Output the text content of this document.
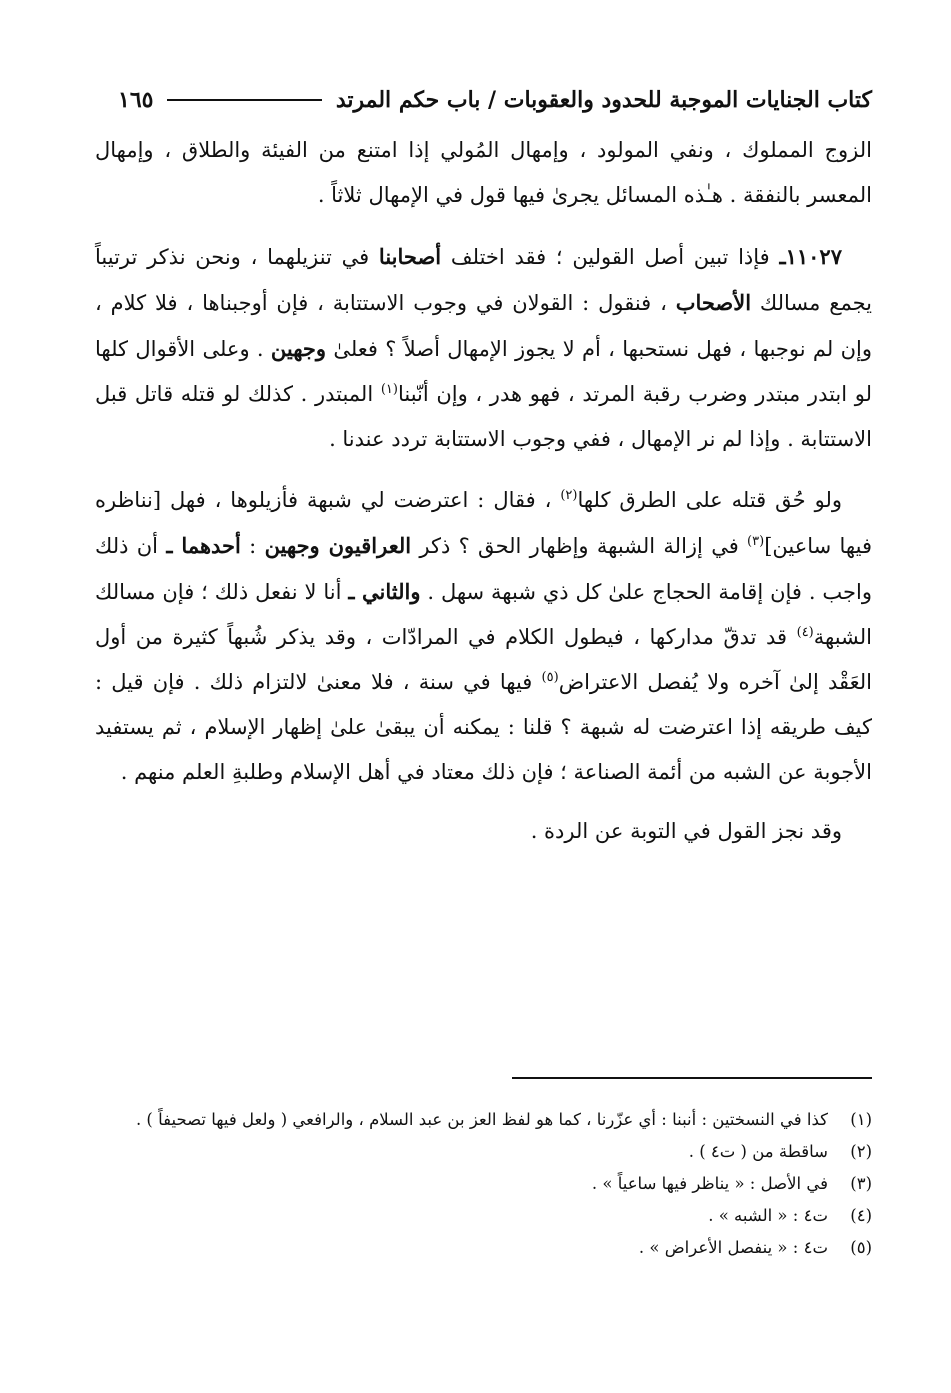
كتاب الجنايات الموجبة للحدود والعقوبات / باب حكم المرتد
١٦٥

الزوج المملوك ، ونفي المولود ، وإمهال المُولي إذا امتنع من الفيئة والطلاق ، وإمهال المعسر بالنفقة . هـٰذه المسائل يجرىٰ فيها قول في الإمهال ثلاثاً .

١١٠٢٧ـ فإذا تبين أصل القولين ؛ فقد اختلف أصحابنا في تنزيلهما ، ونحن نذكر ترتيباً يجمع مسالك الأصحاب ، فنقول : القولان في وجوب الاستتابة ، فإن أوجبناها ، فلا كلام ، وإن لم نوجبها ، فهل نستحبها ، أم لا يجوز الإمهال أصلاً ؟ فعلىٰ وجهين . وعلى الأقوال كلها لو ابتدر مبتدر وضرب رقبة المرتد ، فهو هدر ، وإن أنّبنا$^{(١)}$ المبتدر . كذلك لو قتله قاتل قبل الاستتابة . وإذا لم نر الإمهال ، ففي وجوب الاستتابة تردد عندنا .

ولو حُق قتله على الطرق كلها$^{(٢)}$ ، فقال : اعترضت لي شبهة فأزيلوها ، فهل [نناظره فيها ساعين]$^{(٣)}$ في إزالة الشبهة وإظهار الحق ؟ ذكر العراقيون وجهين : أحدهما ـ أن ذلك واجب . فإن إقامة الحجاج علىٰ كل ذي شبهة سهل . والثاني ـ أنا لا نفعل ذلك ؛ فإن مسالك الشبهة$^{(٤)}$ قد تدقّ مداركها ، فيطول الكلام في المرادّات ، وقد يذكر شُبهاً كثيرة من أول العَقْد إلىٰ آخره ولا يُفصل الاعتراض$^{(٥)}$ فيها في سنة ، فلا معنىٰ لالتزام ذلك . فإن قيل : كيف طريقه إذا اعترضت له شبهة ؟ قلنا : يمكنه أن يبقىٰ علىٰ إظهار الإسلام ، ثم يستفيد الأجوبة عن الشبه من أئمة الصناعة ؛ فإن ذلك معتاد في أهل الإسلام وطلبةِ العلم منهم .

وقد نجز القول في التوبة عن الردة .

(١)
كذا في النسختين : أنبنا : أي عزّرنا ، كما هو لفظ العز بن عبد السلام ، والرافعي ( ولعل فيها تصحيفاً ) .
(٢)
ساقطة من ( ت٤ ) .
(٣)
في الأصل : « يناظر فيها ساعياً » .
(٤)
ت٤ : « الشبه » .
(٥)
ت٤ : « ينفصل الأعراض » .
